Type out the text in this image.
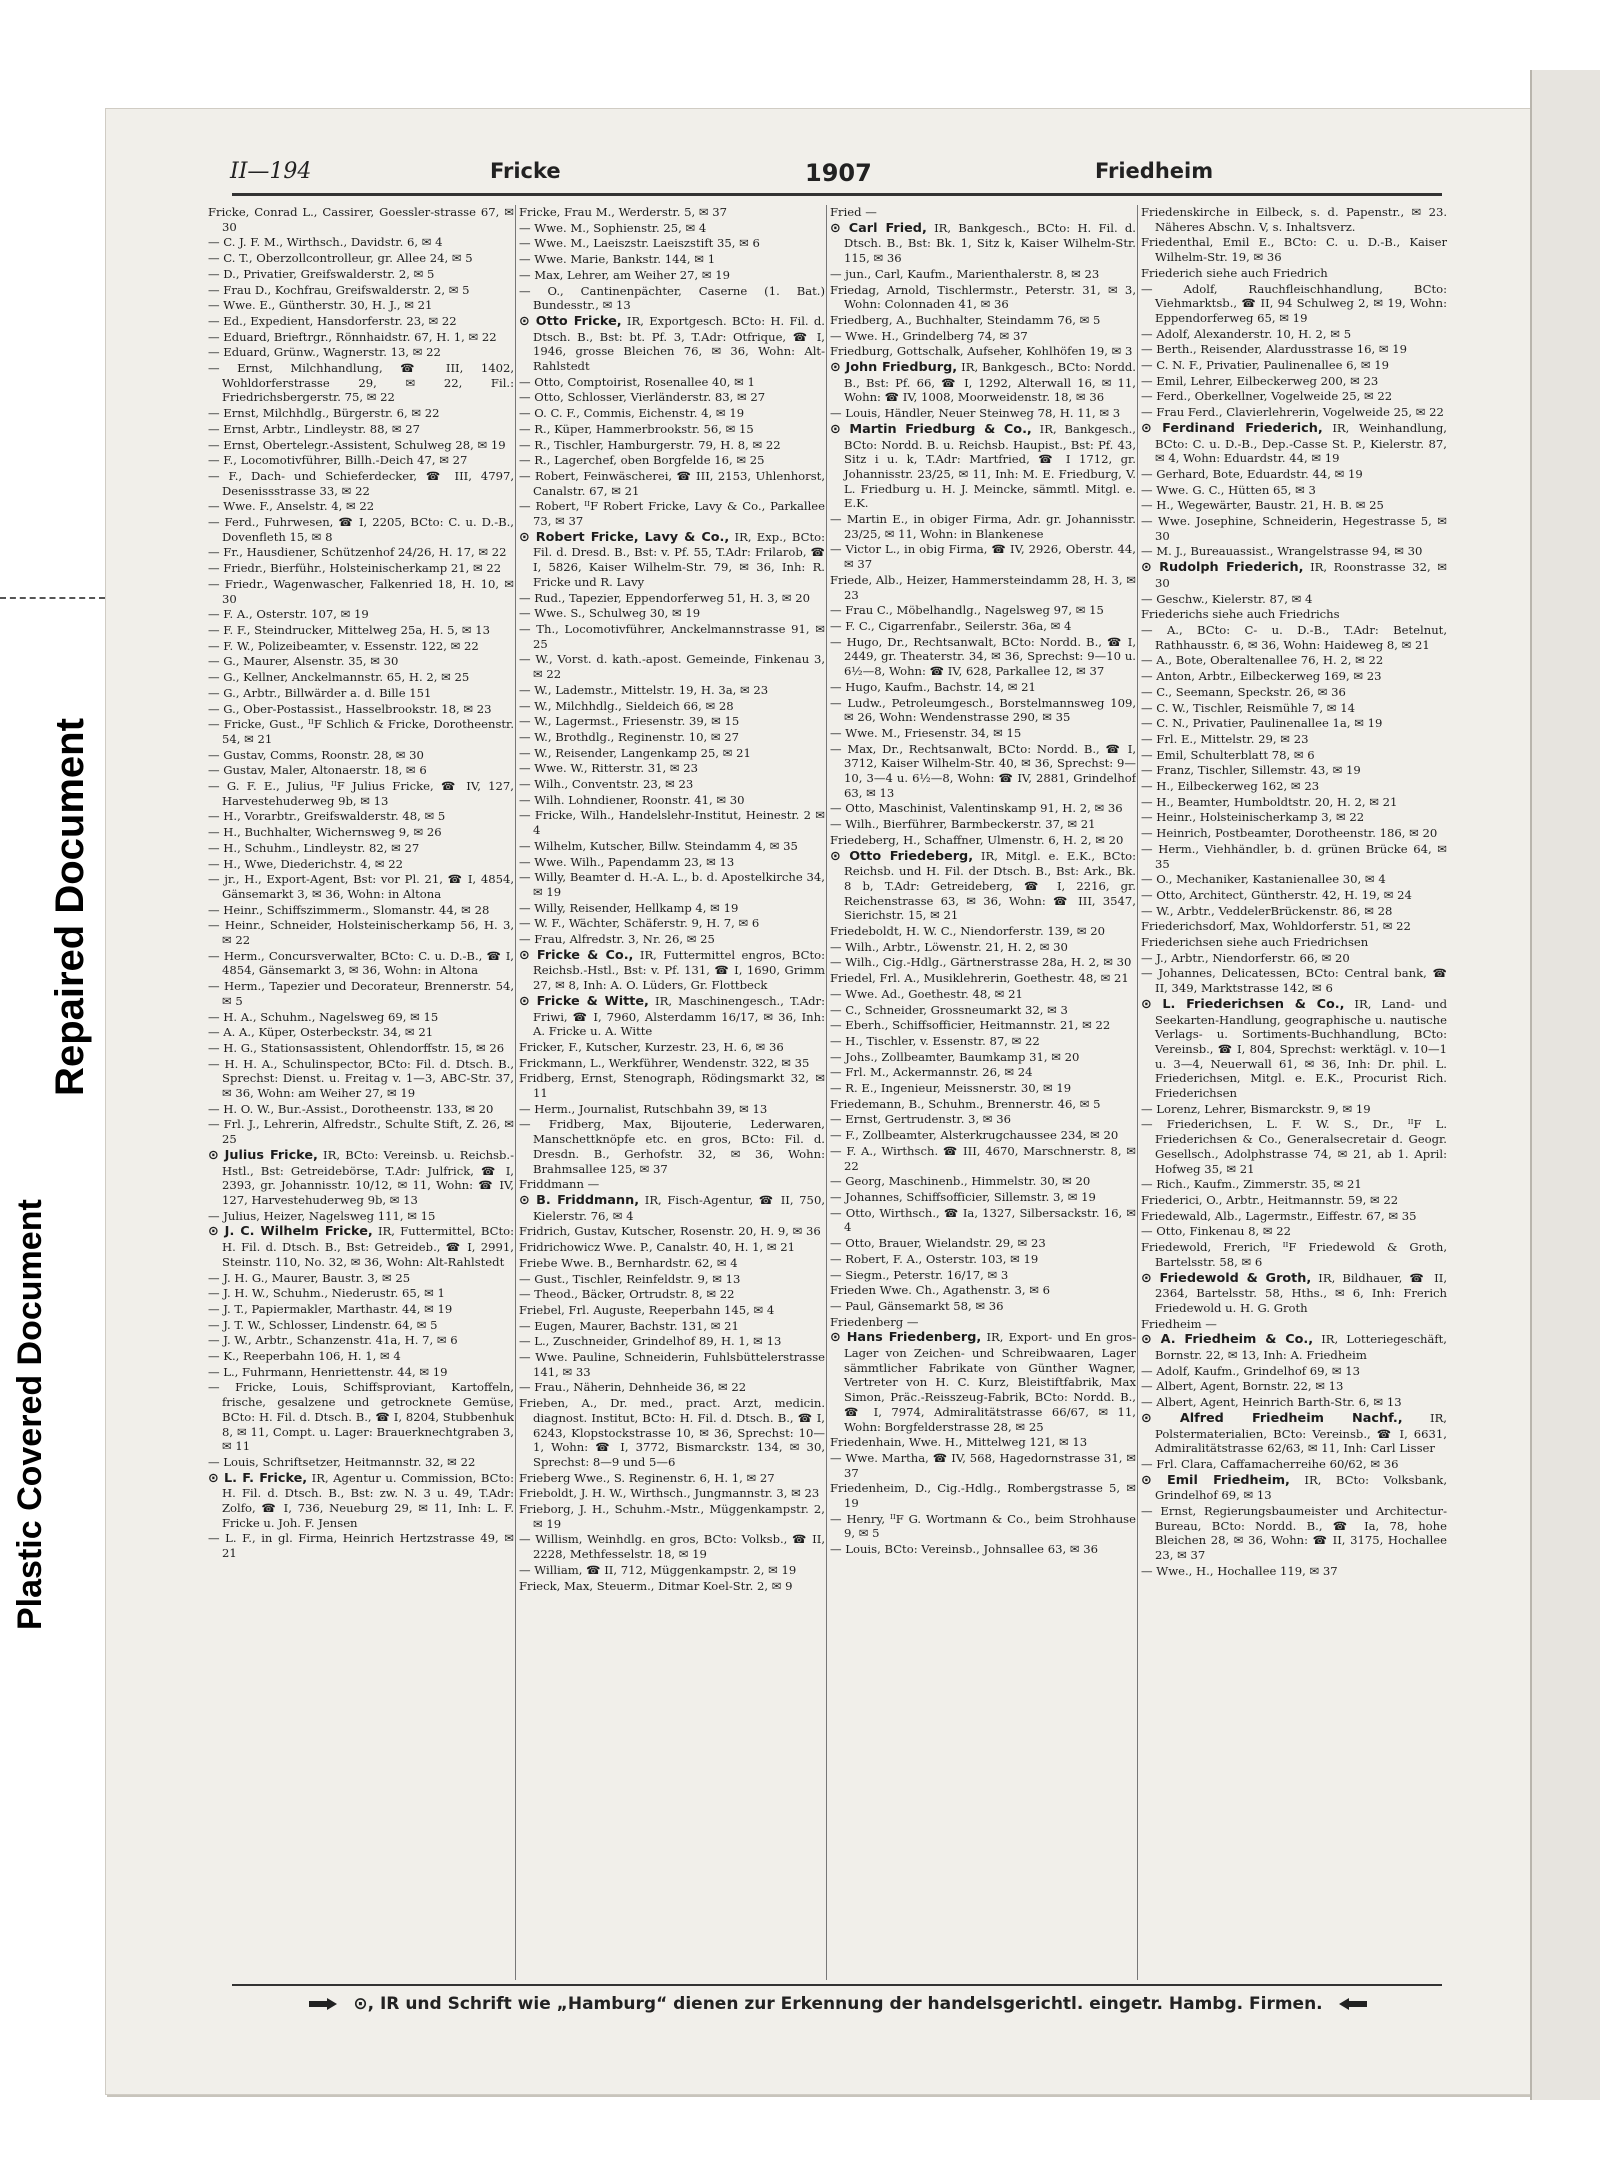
Plastic Covered Document
Repaired Document
II—194	Fricke	1907	Friedheim

Fricke, Conrad L., Cassirer, Goessler-strasse 67, ✉ 30

— C. J. F. M., Wirthsch., Davidstr. 6, ✉ 4

— C. T., Oberzollcontrolleur, gr. Allee 24, ✉ 5

— D., Privatier, Greifswalderstr. 2, ✉ 5

— Frau D., Kochfrau, Greifswalderstr. 2, ✉ 5

— Wwe. E., Güntherstr. 30, H. J., ✉ 21

— Ed., Expedient, Hansdorferstr. 23, ✉ 22

— Eduard, Brieftrgr., Rönnhaidstr. 67, H. 1, ✉ 22

— Eduard, Grünw., Wagnerstr. 13, ✉ 22

— Ernst, Milchhandlung, ☎ III, 1402, Wohldorferstrasse 29, ✉ 22, Fil.: Friedrichsbergerstr. 75, ✉ 22

— Ernst, Milchhdlg., Bürgerstr. 6, ✉ 22

— Ernst, Arbtr., Lindleystr. 88, ✉ 27

— Ernst, Obertelegr.-Assistent, Schulweg 28, ✉ 19

— F., Locomotivführer, Billh.-Deich 47, ✉ 27

— F., Dach- und Schieferdecker, ☎ III, 4797, Desenissstrasse 33, ✉ 22

— Wwe. F., Anselstr. 4, ✉ 22

— Ferd., Fuhrwesen, ☎ I, 2205, BCto: C. u. D.-B., Dovenfleth 15, ✉ 8

— Fr., Hausdiener, Schützenhof 24/26, H. 17, ✉ 22

— Friedr., Bierführ., Holsteinischerkamp 21, ✉ 22

— Friedr., Wagenwascher, Falkenried 18, H. 10, ✉ 30

— F. A., Osterstr. 107, ✉ 19

— F. F., Steindrucker, Mittelweg 25a, H. 5, ✉ 13

— F. W., Polizeibeamter, v. Essenstr. 122, ✉ 22

— G., Maurer, Alsenstr. 35, ✉ 30

— G., Kellner, Anckelmannstr. 65, H. 2, ✉ 25

— G., Arbtr., Billwärder a. d. Bille 151

— G., Ober-Postassist., Hasselbrookstr. 18, ✉ 23

— Fricke, Gust., ᴵᴵF Schlich & Fricke, Dorotheenstr. 54, ✉ 21

— Gustav, Comms, Roonstr. 28, ✉ 30

— Gustav, Maler, Altonaerstr. 18, ✉ 6

— G. F. E., Julius, ᴵᴵF Julius Fricke, ☎ IV, 127, Harvestehuderweg 9b, ✉ 13

— H., Vorarbtr., Greifswalderstr. 48, ✉ 5

— H., Buchhalter, Wichernsweg 9, ✉ 26

— H., Schuhm., Lindleystr. 82, ✉ 27

— H., Wwe, Diederichstr. 4, ✉ 22

— jr., H., Export-Agent, Bst: vor Pl. 21, ☎ I, 4854, Gänsemarkt 3, ✉ 36, Wohn: in Altona

— Heinr., Schiffszimmerm., Slomanstr. 44, ✉ 28

— Heinr., Schneider, Holsteinischerkamp 56, H. 3, ✉ 22

— Herm., Concursverwalter, BCto: C. u. D.-B., ☎ I, 4854, Gänsemarkt 3, ✉ 36, Wohn: in Altona

— Herm., Tapezier und Decorateur, Brennerstr. 54, ✉ 5

— H. A., Schuhm., Nagelsweg 69, ✉ 15

— A. A., Küper, Osterbeckstr. 34, ✉ 21

— H. G., Stationsassistent, Ohlendorffstr. 15, ✉ 26

— H. H. A., Schulinspector, BCto: Fil. d. Dtsch. B., Sprechst: Dienst. u. Freitag v. 1—3, ABC-Str. 37, ✉ 36, Wohn: am Weiher 27, ✉ 19

— H. O. W., Bur.-Assist., Dorotheenstr. 133, ✉ 20

— Frl. J., Lehrerin, Alfredstr., Schulte Stift, Z. 26, ✉ 25

⊙ Julius Fricke, IR, BCto: Vereinsb. u. Reichsb.-Hstl., Bst: Getreidebörse, T.Adr: Julfrick, ☎ I, 2393, gr. Johannisstr. 10/12, ✉ 11, Wohn: ☎ IV, 127, Harvestehuderweg 9b, ✉ 13

— Julius, Heizer, Nagelsweg 111, ✉ 15

⊙ J. C. Wilhelm Fricke, IR, Futtermittel, BCto: H. Fil. d. Dtsch. B., Bst: Getreideb., ☎ I, 2991, Steinstr. 110, No. 32, ✉ 36, Wohn: Alt-Rahlstedt

— J. H. G., Maurer, Baustr. 3, ✉ 25

— J. H. W., Schuhm., Niederustr. 65, ✉ 1

— J. T., Papiermakler, Marthastr. 44, ✉ 19

— J. T. W., Schlosser, Lindenstr. 64, ✉ 5

— J. W., Arbtr., Schanzenstr. 41a, H. 7, ✉ 6

— K., Reeperbahn 106, H. 1, ✉ 4

— L., Fuhrmann, Henriettenstr. 44, ✉ 19

— Fricke, Louis, Schiffsproviant, Kartoffeln, frische, gesalzene und getrocknete Gemüse, BCto: H. Fil. d. Dtsch. B., ☎ I, 8204, Stubbenhuk 8, ✉ 11, Compt. u. Lager: Brauerknechtgraben 3, ✉ 11

— Louis, Schriftsetzer, Heitmannstr. 32, ✉ 22

⊙ L. F. Fricke, IR, Agentur u. Commission, BCto: H. Fil. d. Dtsch. B., Bst: zw. N. 3 u. 49, T.Adr: Zolfo, ☎ I, 736, Neueburg 29, ✉ 11, Inh: L. F. Fricke u. Joh. F. Jensen

— L. F., in gl. Firma, Heinrich Hertzstrasse 49, ✉ 21

Fricke, Frau M., Werderstr. 5, ✉ 37

— Wwe. M., Sophienstr. 25, ✉ 4

— Wwe. M., Laeiszstr. Laeiszstift 35, ✉ 6

— Wwe. Marie, Bankstr. 144, ✉ 1

— Max, Lehrer, am Weiher 27, ✉ 19

— O., Cantinenpächter, Caserne (1. Bat.) Bundesstr., ✉ 13

⊙ Otto Fricke, IR, Exportgesch. BCto: H. Fil. d. Dtsch. B., Bst: bt. Pf. 3, T.Adr: Otfrique, ☎ I, 1946, grosse Bleichen 76, ✉ 36, Wohn: Alt-Rahlstedt

— Otto, Comptoirist, Rosenallee 40, ✉ 1

— Otto, Schlosser, Vierländerstr. 83, ✉ 27

— O. C. F., Commis, Eichenstr. 4, ✉ 19

— R., Küper, Hammerbrookstr. 56, ✉ 15

— R., Tischler, Hamburgerstr. 79, H. 8, ✉ 22

— R., Lagerchef, oben Borgfelde 16, ✉ 25

— Robert, Feinwäscherei, ☎ III, 2153, Uhlenhorst, Canalstr. 67, ✉ 21

— Robert, ᴵᴵF Robert Fricke, Lavy & Co., Parkallee 73, ✉ 37

⊙ Robert Fricke, Lavy & Co., IR, Exp., BCto: Fil. d. Dresd. B., Bst: v. Pf. 55, T.Adr: Frilarob, ☎ I, 5826, Kaiser Wilhelm-Str. 79, ✉ 36, Inh: R. Fricke und R. Lavy

— Rud., Tapezier, Eppendorferweg 51, H. 3, ✉ 20

— Wwe. S., Schulweg 30, ✉ 19

— Th., Locomotivführer, Anckelmannstrasse 91, ✉ 25

— W., Vorst. d. kath.-apost. Gemeinde, Finkenau 3, ✉ 22

— W., Lademstr., Mittelstr. 19, H. 3a, ✉ 23

— W., Milchhdlg., Sieldeich 66, ✉ 28

— W., Lagermst., Friesenstr. 39, ✉ 15

— W., Brothdlg., Reginenstr. 10, ✉ 27

— W., Reisender, Langenkamp 25, ✉ 21

— Wwe. W., Ritterstr. 31, ✉ 23

— Wilh., Conventstr. 23, ✉ 23

— Wilh. Lohndiener, Roonstr. 41, ✉ 30

— Fricke, Wilh., Handelslehr-Institut, Heinestr. 2 ✉ 4

— Wilhelm, Kutscher, Billw. Steindamm 4, ✉ 35

— Wwe. Wilh., Papendamm 23, ✉ 13

— Willy, Beamter d. H.-A. L., b. d. Apostelkirche 34, ✉ 19

— Willy, Reisender, Hellkamp 4, ✉ 19

— W. F., Wächter, Schäferstr. 9, H. 7, ✉ 6

— Frau, Alfredstr. 3, Nr. 26, ✉ 25

⊙ Fricke & Co., IR, Futtermittel engros, BCto: Reichsb.-Hstl., Bst: v. Pf. 131, ☎ I, 1690, Grimm 27, ✉ 8, Inh: A. O. Lüders, Gr. Flottbeck

⊙ Fricke & Witte, IR, Maschinengesch., T.Adr: Friwi, ☎ I, 7960, Alsterdamm 16/17, ✉ 36, Inh: A. Fricke u. A. Witte

Fricker, F., Kutscher, Kurzestr. 23, H. 6, ✉ 36

Frickmann, L., Werkführer, Wendenstr. 322, ✉ 35

Fridberg, Ernst, Stenograph, Rödingsmarkt 32, ✉ 11

— Herm., Journalist, Rutschbahn 39, ✉ 13

— Fridberg, Max, Bijouterie, Lederwaren, Manschettknöpfe etc. en gros, BCto: Fil. d. Dresdn. B., Gerhofstr. 32, ✉ 36, Wohn: Brahmsallee 125, ✉ 37

Friddmann —

⊙ B. Friddmann, IR, Fisch-Agentur, ☎ II, 750, Kielerstr. 76, ✉ 4

Fridrich, Gustav, Kutscher, Rosenstr. 20, H. 9, ✉ 36

Fridrichowicz Wwe. P., Canalstr. 40, H. 1, ✉ 21

Friebe Wwe. B., Bernhardstr. 62, ✉ 4

— Gust., Tischler, Reinfeldstr. 9, ✉ 13

— Theod., Bäcker, Ortrudstr. 8, ✉ 22

Friebel, Frl. Auguste, Reeperbahn 145, ✉ 4

— Eugen, Maurer, Bachstr. 131, ✉ 21

— L., Zuschneider, Grindelhof 89, H. 1, ✉ 13

— Wwe. Pauline, Schneiderin, Fuhlsbüttelerstrasse 141, ✉ 33

— Frau., Näherin, Dehnheide 36, ✉ 22

Frieben, A., Dr. med., pract. Arzt, medicin. diagnost. Institut, BCto: H. Fil. d. Dtsch. B., ☎ I, 6243, Klopstockstrasse 10, ✉ 36, Sprechst: 10—1, Wohn: ☎ I, 3772, Bismarckstr. 134, ✉ 30, Sprechst: 8—9 und 5—6

Frieberg Wwe., S. Reginenstr. 6, H. 1, ✉ 27

Frieboldt, J. H. W., Wirthsch., Jungmannstr. 3, ✉ 23

Frieborg, J. H., Schuhm.-Mstr., Müggenkampstr. 2, ✉ 19

— Willism, Weinhdlg. en gros, BCto: Volksb., ☎ II, 2228, Methfesselstr. 18, ✉ 19

— William, ☎ II, 712, Müggenkampstr. 2, ✉ 19

Frieck, Max, Steuerm., Ditmar Koel-Str. 2, ✉ 9

Fried —

⊙ Carl Fried, IR, Bankgesch., BCto: H. Fil. d. Dtsch. B., Bst: Bk. 1, Sitz k, Kaiser Wilhelm-Str. 115, ✉ 36

— jun., Carl, Kaufm., Marienthalerstr. 8, ✉ 23

Friedag, Arnold, Tischlermstr., Peterstr. 31, ✉ 3, Wohn: Colonnaden 41, ✉ 36

Friedberg, A., Buchhalter, Steindamm 76, ✉ 5

— Wwe. H., Grindelberg 74, ✉ 37

Friedburg, Gottschalk, Aufseher, Kohlhöfen 19, ✉ 3

⊙ John Friedburg, IR, Bankgesch., BCto: Nordd. B., Bst: Pf. 66, ☎ I, 1292, Alterwall 16, ✉ 11, Wohn: ☎ IV, 1008, Moorweidenstr. 18, ✉ 36

— Louis, Händler, Neuer Steinweg 78, H. 11, ✉ 3

⊙ Martin Friedburg & Co., IR, Bankgesch., BCto: Nordd. B. u. Reichsb. Haupist., Bst: Pf. 43, Sitz i u. k, T.Adr: Martfried, ☎ I 1712, gr. Johannisstr. 23/25, ✉ 11, Inh: M. E. Friedburg, V. L. Friedburg u. H. J. Meincke, sämmtl. Mitgl. e. E.K.

— Martin E., in obiger Firma, Adr. gr. Johannisstr. 23/25, ✉ 11, Wohn: in Blankenese

— Victor L., in obig Firma, ☎ IV, 2926, Oberstr. 44, ✉ 37

Friede, Alb., Heizer, Hammersteindamm 28, H. 3, ✉ 23

— Frau C., Möbelhandlg., Nagelsweg 97, ✉ 15

— F. C., Cigarrenfabr., Seilerstr. 36a, ✉ 4

— Hugo, Dr., Rechtsanwalt, BCto: Nordd. B., ☎ I, 2449, gr. Theaterstr. 34, ✉ 36, Sprechst: 9—10 u. 6½—8, Wohn: ☎ IV, 628, Parkallee 12, ✉ 37

— Hugo, Kaufm., Bachstr. 14, ✉ 21

— Ludw., Petroleumgesch., Borstelmannsweg 109, ✉ 26, Wohn: Wendenstrasse 290, ✉ 35

— Wwe. M., Friesenstr. 34, ✉ 15

— Max, Dr., Rechtsanwalt, BCto: Nordd. B., ☎ I, 3712, Kaiser Wilhelm-Str. 40, ✉ 36, Sprechst: 9—10, 3—4 u. 6½—8, Wohn: ☎ IV, 2881, Grindelhof 63, ✉ 13

— Otto, Maschinist, Valentinskamp 91, H. 2, ✉ 36

— Wilh., Bierführer, Barmbeckerstr. 37, ✉ 21

Friedeberg, H., Schaffner, Ulmenstr. 6, H. 2, ✉ 20

⊙ Otto Friedeberg, IR, Mitgl. e. E.K., BCto: Reichsb. und H. Fil. der Dtsch. B., Bst: Ark., Bk. 8 b, T.Adr: Getreideberg, ☎ I, 2216, gr. Reichenstrasse 63, ✉ 36, Wohn: ☎ III, 3547, Sierichstr. 15, ✉ 21

Friedeboldt, H. W. C., Niendorferstr. 139, ✉ 20

— Wilh., Arbtr., Löwenstr. 21, H. 2, ✉ 30

— Wilh., Cig.-Hdlg., Gärtnerstrasse 28a, H. 2, ✉ 30

Friedel, Frl. A., Musiklehrerin, Goethestr. 48, ✉ 21

— Wwe. Ad., Goethestr. 48, ✉ 21

— C., Schneider, Grossneumarkt 32, ✉ 3

— Eberh., Schiffsofficier, Heitmannstr. 21, ✉ 22

— H., Tischler, v. Essenstr. 87, ✉ 22

— Johs., Zollbeamter, Baumkamp 31, ✉ 20

— Frl. M., Ackermannstr. 26, ✉ 24

— R. E., Ingenieur, Meissnerstr. 30, ✉ 19

Friedemann, B., Schuhm., Brennerstr. 46, ✉ 5

— Ernst, Gertrudenstr. 3, ✉ 36

— F., Zollbeamter, Alsterkrugchaussee 234, ✉ 20

— F. A., Wirthsch. ☎ III, 4670, Marschnerstr. 8, ✉ 22

— Georg, Maschinenb., Himmelstr. 30, ✉ 20

— Johannes, Schiffsofficier, Sillemstr. 3, ✉ 19

— Otto, Wirthsch., ☎ Ia, 1327, Silbersackstr. 16, ✉ 4

— Otto, Brauer, Wielandstr. 29, ✉ 23

— Robert, F. A., Osterstr. 103, ✉ 19

— Siegm., Peterstr. 16/17, ✉ 3

Frieden Wwe. Ch., Agathenstr. 3, ✉ 6

— Paul, Gänsemarkt 58, ✉ 36

Friedenberg —

⊙ Hans Friedenberg, IR, Export- und En gros-Lager von Zeichen- und Schreibwaaren, Lager sämmtlicher Fabrikate von Günther Wagner, Vertreter von H. C. Kurz, Bleistiftfabrik, Max Simon, Präc.-Reisszeug-Fabrik, BCto: Nordd. B., ☎ I, 7974, Admiralitätstrasse 66/67, ✉ 11, Wohn: Borgfelderstrasse 28, ✉ 25

Friedenhain, Wwe. H., Mittelweg 121, ✉ 13

— Wwe. Martha, ☎ IV, 568, Hagedornstrasse 31, ✉ 37

Friedenheim, D., Cig.-Hdlg., Rombergstrasse 5, ✉ 19

— Henry, ᴵᴵF G. Wortmann & Co., beim Strohhause 9, ✉ 5

— Louis, BCto: Vereinsb., Johnsallee 63, ✉ 36

Friedenskirche in Eilbeck, s. d. Papenstr., ✉ 23. Näheres Abschn. V, s. Inhaltsverz.

Friedenthal, Emil E., BCto: C. u. D.-B., Kaiser Wilhelm-Str. 19, ✉ 36

Friederich siehe auch Friedrich

—	Adolf, Rauchfleischhandlung, BCto: Viehmarktsb., ☎ II, 94 Schulweg 2, ✉ 19, Wohn: Eppendorferweg 65, ✉ 19

— Adolf, Alexanderstr. 10, H. 2, ✉ 5

— Berth., Reisender, Alardusstrasse 16, ✉ 19

— C. N. F., Privatier, Paulinenallee 6, ✉ 19

— Emil, Lehrer, Eilbeckerweg 200, ✉ 23

— Ferd., Oberkellner, Vogelweide 25, ✉ 22

— Frau Ferd., Clavierlehrerin, Vogelweide 25, ✉ 22

⊙ Ferdinand Friederich, IR, Weinhandlung, BCto: C. u. D.-B., Dep.-Casse St. P., Kielerstr. 87, ✉ 4, Wohn: Eduardstr. 44, ✉ 19

— Gerhard, Bote, Eduardstr. 44, ✉ 19

— Wwe. G. C., Hütten 65, ✉ 3

— H., Wegewärter, Baustr. 21, H. B. ✉ 25

— Wwe. Josephine, Schneiderin, Hegestrasse 5, ✉ 30

— M. J., Bureauassist., Wrangelstrasse 94, ✉ 30

⊙ Rudolph Friederich, IR, Roonstrasse 32, ✉ 30

— Geschw., Kielerstr. 87, ✉ 4

Friederichs siehe auch Friedrichs

— A., BCto: C- u. D.-B., T.Adr: Betelnut, Rathhausstr. 6, ✉ 36, Wohn: Haideweg 8, ✉ 21

— A., Bote, Oberaltenallee 76, H. 2, ✉ 22

— Anton, Arbtr., Eilbeckerweg 169, ✉ 23

— C., Seemann, Speckstr. 26, ✉ 36

— C. W., Tischler, Reismühle 7, ✉ 14

— C. N., Privatier, Paulinenallee 1a, ✉ 19

— Frl. E., Mittelstr. 29, ✉ 23

— Emil, Schulterblatt 78, ✉ 6

— Franz, Tischler, Sillemstr. 43, ✉ 19

— H., Eilbeckerweg 162, ✉ 23

— H., Beamter, Humboldtstr. 20, H. 2, ✉ 21

— Heinr., Holsteinischerkamp 3, ✉ 22

— Heinrich, Postbeamter, Dorotheenstr. 186, ✉ 20

— Herm., Viehhändler, b. d. grünen Brücke 64, ✉ 35

— O., Mechaniker, Kastanienallee 30, ✉ 4

— Otto, Architect, Güntherstr. 42, H. 19, ✉ 24

— W., Arbtr., VeddelerBrückenstr. 86, ✉ 28

Friederichsdorf, Max, Wohldorferstr. 51, ✉ 22

Friederichsen siehe auch Friedrichsen

— J., Arbtr., Niendorferstr. 66, ✉ 20

— Johannes, Delicatessen, BCto: Central bank, ☎ II, 349, Marktstrasse 142, ✉ 6

⊙ L. Friederichsen & Co., IR, Land- und Seekarten-Handlung, geographische u. nautische Verlags- u. Sortiments-Buchhandlung, BCto: Vereinsb., ☎ I, 804, Sprechst: werktägl. v. 10—1 u. 3—4, Neuerwall 61, ✉ 36, Inh: Dr. phil. L. Friederichsen, Mitgl. e. E.K., Procurist Rich. Friederichsen

— Lorenz, Lehrer, Bismarckstr. 9, ✉ 19

— Friederichsen, L. F. W. S., Dr., ᴵᴵF L. Friederichsen & Co., Generalsecretair d. Geogr. Gesellsch., Adolphstrasse 74, ✉ 21, ab 1. April: Hofweg 35, ✉ 21

— Rich., Kaufm., Zimmerstr. 35, ✉ 21

Friederici, O., Arbtr., Heitmannstr. 59, ✉ 22

Friedewald, Alb., Lagermstr., Eiffestr. 67, ✉ 35

— Otto, Finkenau 8, ✉ 22

Friedewold, Frerich, ᴵᴵF Friedewold & Groth, Bartelsstr. 58, ✉ 6

⊙ Friedewold & Groth, IR, Bildhauer, ☎ II, 2364, Bartelsstr. 58, Hths., ✉ 6, Inh: Frerich Friedewold u. H. G. Groth

Friedheim —

⊙ A. Friedheim & Co., IR, Lotteriegeschäft, Bornstr. 22, ✉ 13, Inh: A. Friedheim

— Adolf, Kaufm., Grindelhof 69, ✉ 13

— Albert, Agent, Bornstr. 22, ✉ 13

— Albert, Agent, Heinrich Barth-Str. 6, ✉ 13

⊙ Alfred Friedheim Nachf., IR, Polstermaterialien, BCto: Vereinsb., ☎ I, 6631, Admiralitätstrasse 62/63, ✉ 11, Inh: Carl Lisser

— Frl. Clara, Caffamacherreihe 60/62, ✉ 36

⊙ Emil Friedheim, IR, BCto: Volksbank, Grindelhof 69, ✉ 13

— Ernst, Regierungsbaumeister und Architectur-Bureau, BCto: Nordd. B., ☎ Ia, 78, hohe Bleichen 28, ✉ 36, Wohn: ☎ II, 3175, Hochallee 23, ✉ 37

— Wwe., H., Hochallee 119, ✉ 37

⊙, IR und Schrift wie „Hamburg“ dienen zur Erkennung der handelsgerichtl. eingetr. Hambg. Firmen.
